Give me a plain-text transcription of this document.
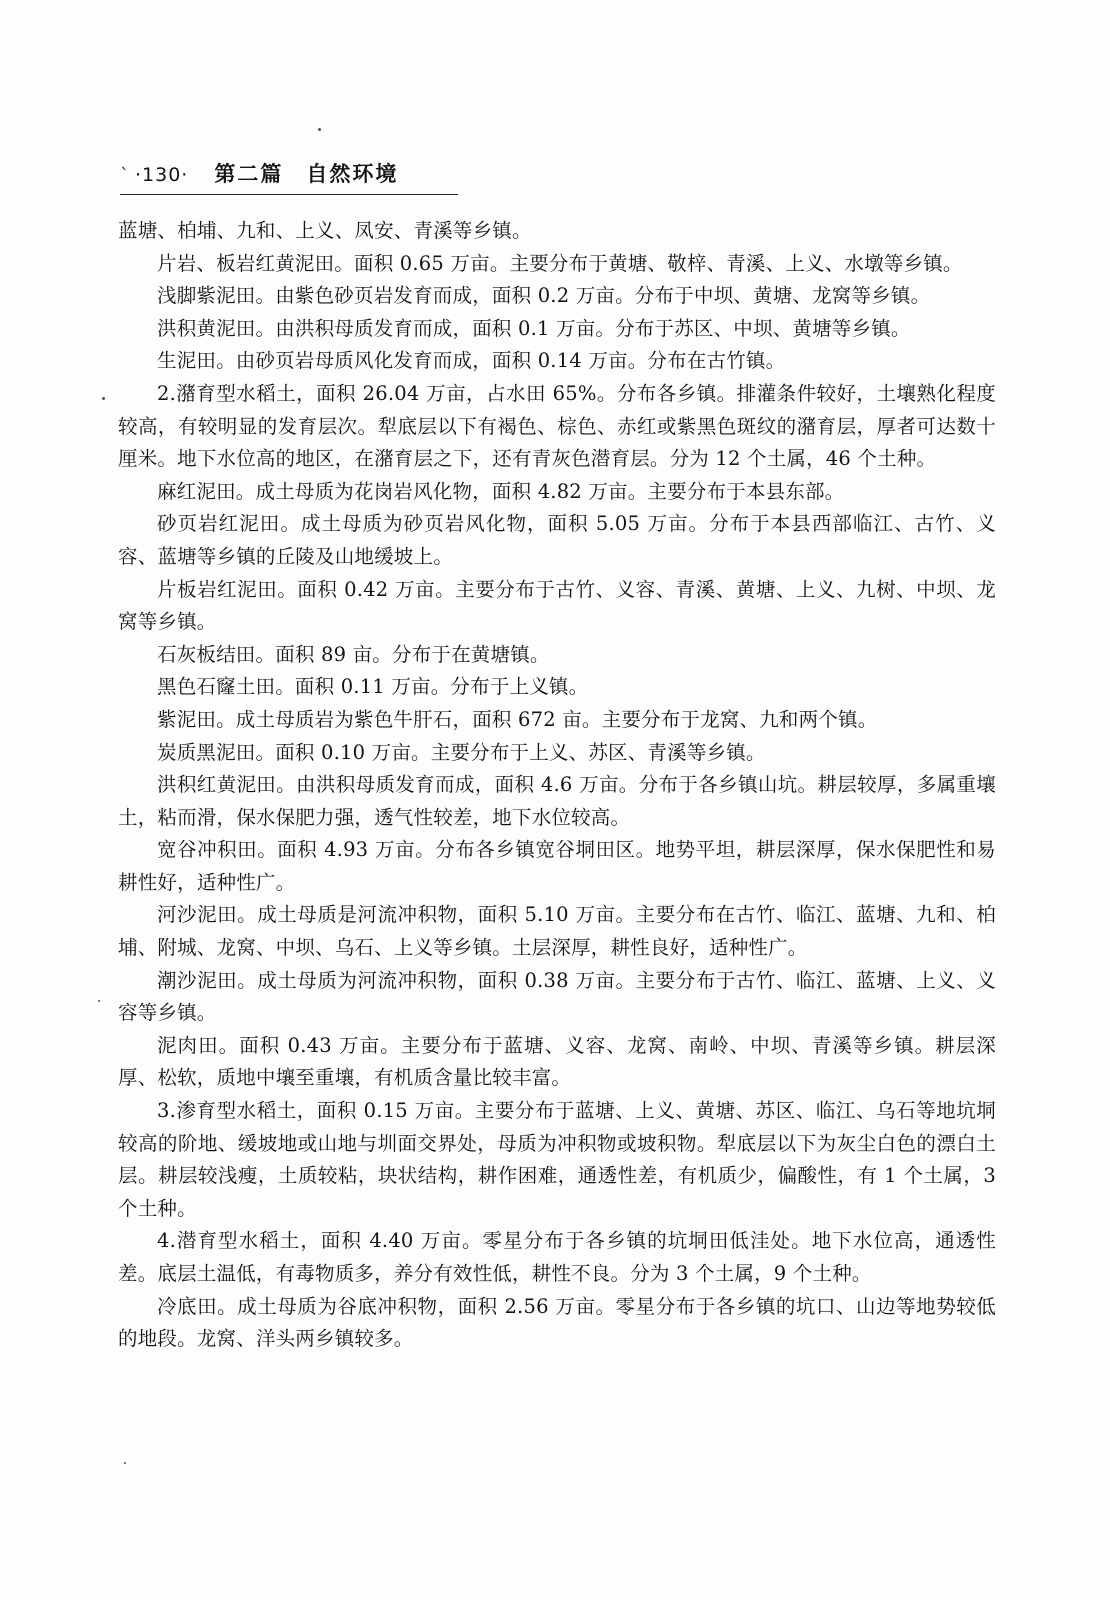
` ·130· 第二篇　自然环境

蓝塘、柏埔、九和、上义、凤安、青溪等乡镇。

片岩、板岩红黄泥田。面积 0.65 万亩。主要分布于黄塘、敬梓、青溪、上义、水墩等乡镇。

浅脚紫泥田。由紫色砂页岩发育而成，面积 0.2 万亩。分布于中坝、黄塘、龙窝等乡镇。

洪积黄泥田。由洪积母质发育而成，面积 0.1 万亩。分布于苏区、中坝、黄塘等乡镇。

生泥田。由砂页岩母质风化发育而成，面积 0.14 万亩。分布在古竹镇。

2.潴育型水稻土，面积 26.04 万亩，占水田 65%。分布各乡镇。排灌条件较好，土壤熟化程度较高，有较明显的发育层次。犁底层以下有褐色、棕色、赤红或紫黑色斑纹的潴育层，厚者可达数十厘米。地下水位高的地区，在潴育层之下，还有青灰色潜育层。分为 12 个土属，46 个土种。

麻红泥田。成土母质为花岗岩风化物，面积 4.82 万亩。主要分布于本县东部。

砂页岩红泥田。成土母质为砂页岩风化物，面积 5.05 万亩。分布于本县西部临江、古竹、义容、蓝塘等乡镇的丘陵及山地缓坡上。

片板岩红泥田。面积 0.42 万亩。主要分布于古竹、义容、青溪、黄塘、上义、九树、中坝、龙窝等乡镇。

石灰板结田。面积 89 亩。分布于在黄塘镇。

黑色石窿土田。面积 0.11 万亩。分布于上义镇。

紫泥田。成土母质岩为紫色牛肝石，面积 672 亩。主要分布于龙窝、九和两个镇。

炭质黑泥田。面积 0.10 万亩。主要分布于上义、苏区、青溪等乡镇。

洪积红黄泥田。由洪积母质发育而成，面积 4.6 万亩。分布于各乡镇山坑。耕层较厚，多属重壤土，粘而滑，保水保肥力强，透气性较差，地下水位较高。

宽谷冲积田。面积 4.93 万亩。分布各乡镇宽谷垌田区。地势平坦，耕层深厚，保水保肥性和易耕性好，适种性广。

河沙泥田。成土母质是河流冲积物，面积 5.10 万亩。主要分布在古竹、临江、蓝塘、九和、柏埔、附城、龙窝、中坝、乌石、上义等乡镇。土层深厚，耕性良好，适种性广。

潮沙泥田。成土母质为河流冲积物，面积 0.38 万亩。主要分布于古竹、临江、蓝塘、上义、义容等乡镇。

泥肉田。面积 0.43 万亩。主要分布于蓝塘、义容、龙窝、南岭、中坝、青溪等乡镇。耕层深厚、松软，质地中壤至重壤，有机质含量比较丰富。

3.渗育型水稻土，面积 0.15 万亩。主要分布于蓝塘、上义、黄塘、苏区、临江、乌石等地坑垌较高的阶地、缓坡地或山地与圳面交界处，母质为冲积物或坡积物。犁底层以下为灰尘白色的漂白土层。耕层较浅瘦，土质较粘，块状结构，耕作困难，通透性差，有机质少，偏酸性，有 1 个土属，3 个土种。

4.潜育型水稻土，面积 4.40 万亩。零星分布于各乡镇的坑垌田低洼处。地下水位高，通透性差。底层土温低，有毒物质多，养分有效性低，耕性不良。分为 3 个土属，9 个土种。

冷底田。成土母质为谷底冲积物，面积 2.56 万亩。零星分布于各乡镇的坑口、山边等地势较低的地段。龙窝、洋头两乡镇较多。
